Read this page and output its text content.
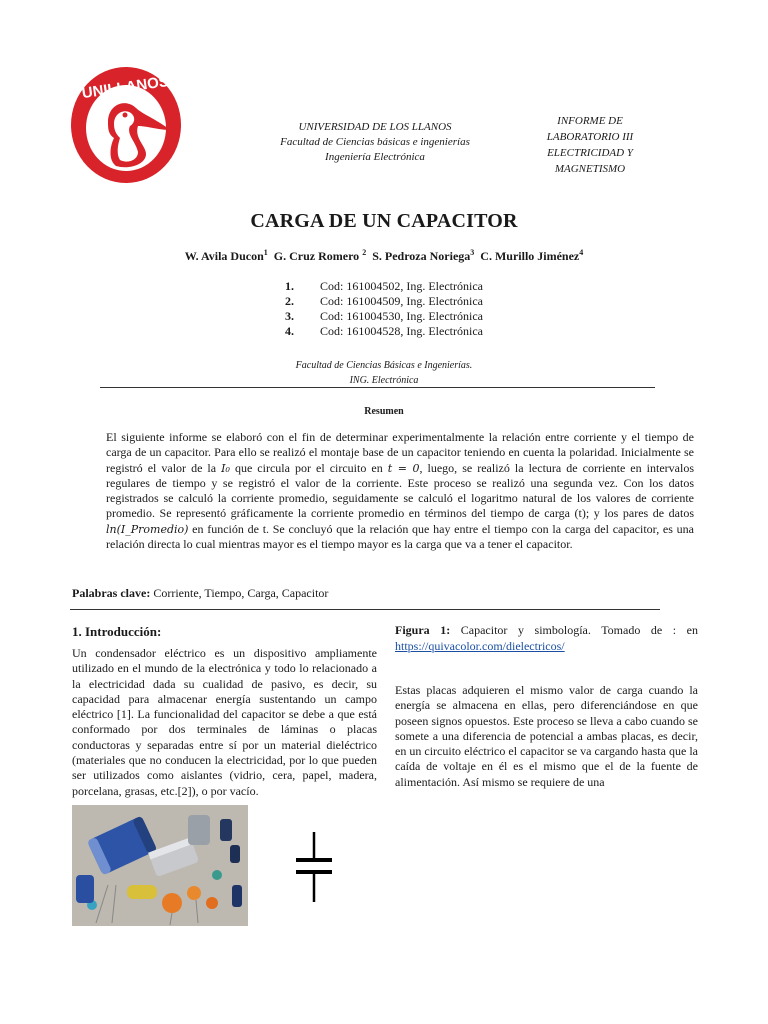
UNILLANOS
UNIVERSIDAD DE LOS LLANOS
Facultad de Ciencias básicas e ingenierías
Ingeniería Electrónica
INFORME DE
LABORATORIO III
ELECTRICIDAD Y
MAGNETISMO
CARGA DE UN CAPACITOR
W. Avila Ducon$^1$ G. Cruz Romero $^2$ S. Pedroza Noriega$^3$ C. Murillo Jiménez$^4$
1.	Cod: 161004502, Ing. Electrónica
2.	Cod: 161004509, Ing. Electrónica
3.	Cod: 161004530, Ing. Electrónica
4.	Cod: 161004528, Ing. Electrónica
Facultad de Ciencias Básicas e Ingenierías.
ING. Electrónica
Resumen
El siguiente informe se elaboró con el fin de determinar experimentalmente la relación entre corriente y el tiempo de carga de un capacitor. Para ello se realizó el montaje base de un capacitor teniendo en cuenta la polaridad. Inicialmente se registró el valor de la I₀ que circula por el circuito en t = 0, luego, se realizó la lectura de corriente en intervalos regulares de tiempo y se registró el valor de la corriente. Este proceso se realizó una segunda vez. Con los datos registrados se calculó la corriente promedio, seguidamente se calculó el logaritmo natural de los valores de corriente promedio. Se representó gráficamente la corriente promedio en términos del tiempo de carga (t); y los pares de datos ln(I_Promedio) en función de t. Se concluyó que la relación que hay entre el tiempo con la carga del capacitor, es una relación directa lo cual mientras mayor es el tiempo mayor es la carga que va a tener el capacitor.
Palabras clave: Corriente, Tiempo, Carga, Capacitor
1. Introducción:
Un condensador eléctrico es un dispositivo ampliamente utilizado en el mundo de la electrónica y todo lo relacionado a la electricidad dada su cualidad de pasivo, es decir, su capacidad para almacenar energía sustentando un campo eléctrico [1]. La funcionalidad del capacitor se debe a que está conformado por dos terminales de láminas o placas conductoras y separadas entre sí por un material dieléctrico (materiales que no conducen la electricidad, por lo que pueden ser utilizados como aislantes (vidrio, cera, papel, madera, porcelana, grasas, etc.[2]), o por vacío.
Figura 1: Capacitor y simbología. Tomado de : en https://quivacolor.com/dielectricos/
Estas placas adquieren el mismo valor de carga cuando la energía se almacena en ellas, pero diferenciándose en que poseen signos opuestos. Este proceso se lleva a cabo cuando se somete a una diferencia de potencial a ambas placas, es decir, en un circuito eléctrico el capacitor se va cargando hasta que la caída de voltaje en él es el mismo que el de la fuente de alimentación. Así mismo se requiere de una
